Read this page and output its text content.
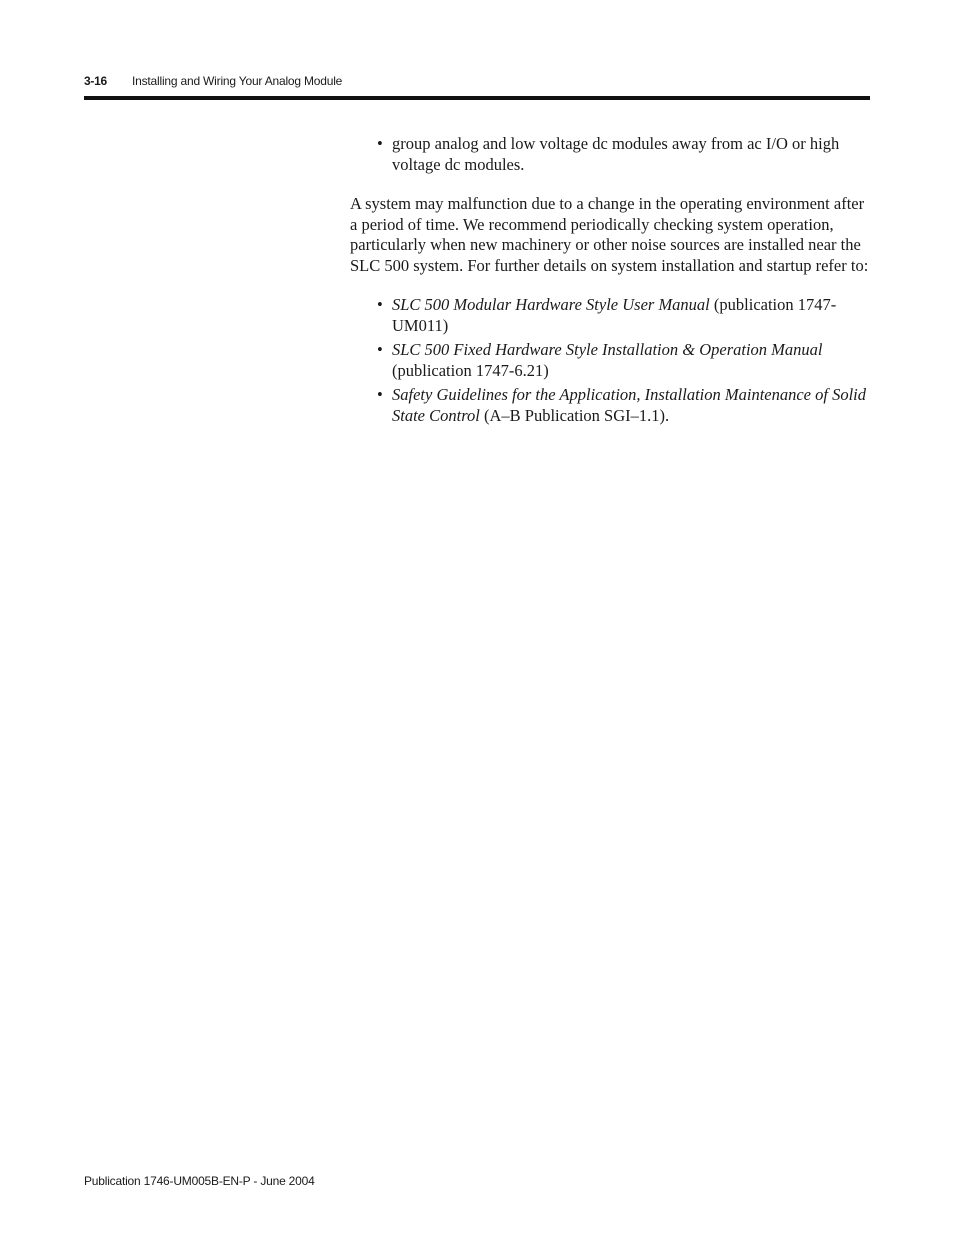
3-16 Installing and Wiring Your Analog Module
• group analog and low voltage dc modules away from ac I/O or high voltage dc modules.

A system may malfunction due to a change in the operating environment after a period of time. We recommend periodically checking system operation, particularly when new machinery or other noise sources are installed near the SLC 500 system. For further details on system installation and startup refer to:

• SLC 500 Modular Hardware Style User Manual (publication 1747-UM011)
• SLC 500 Fixed Hardware Style Installation & Operation Manual (publication 1747-6.21)
• Safety Guidelines for the Application, Installation Maintenance of Solid State Control (A–B Publication SGI–1.1).
Publication 1746-UM005B-EN-P - June 2004
